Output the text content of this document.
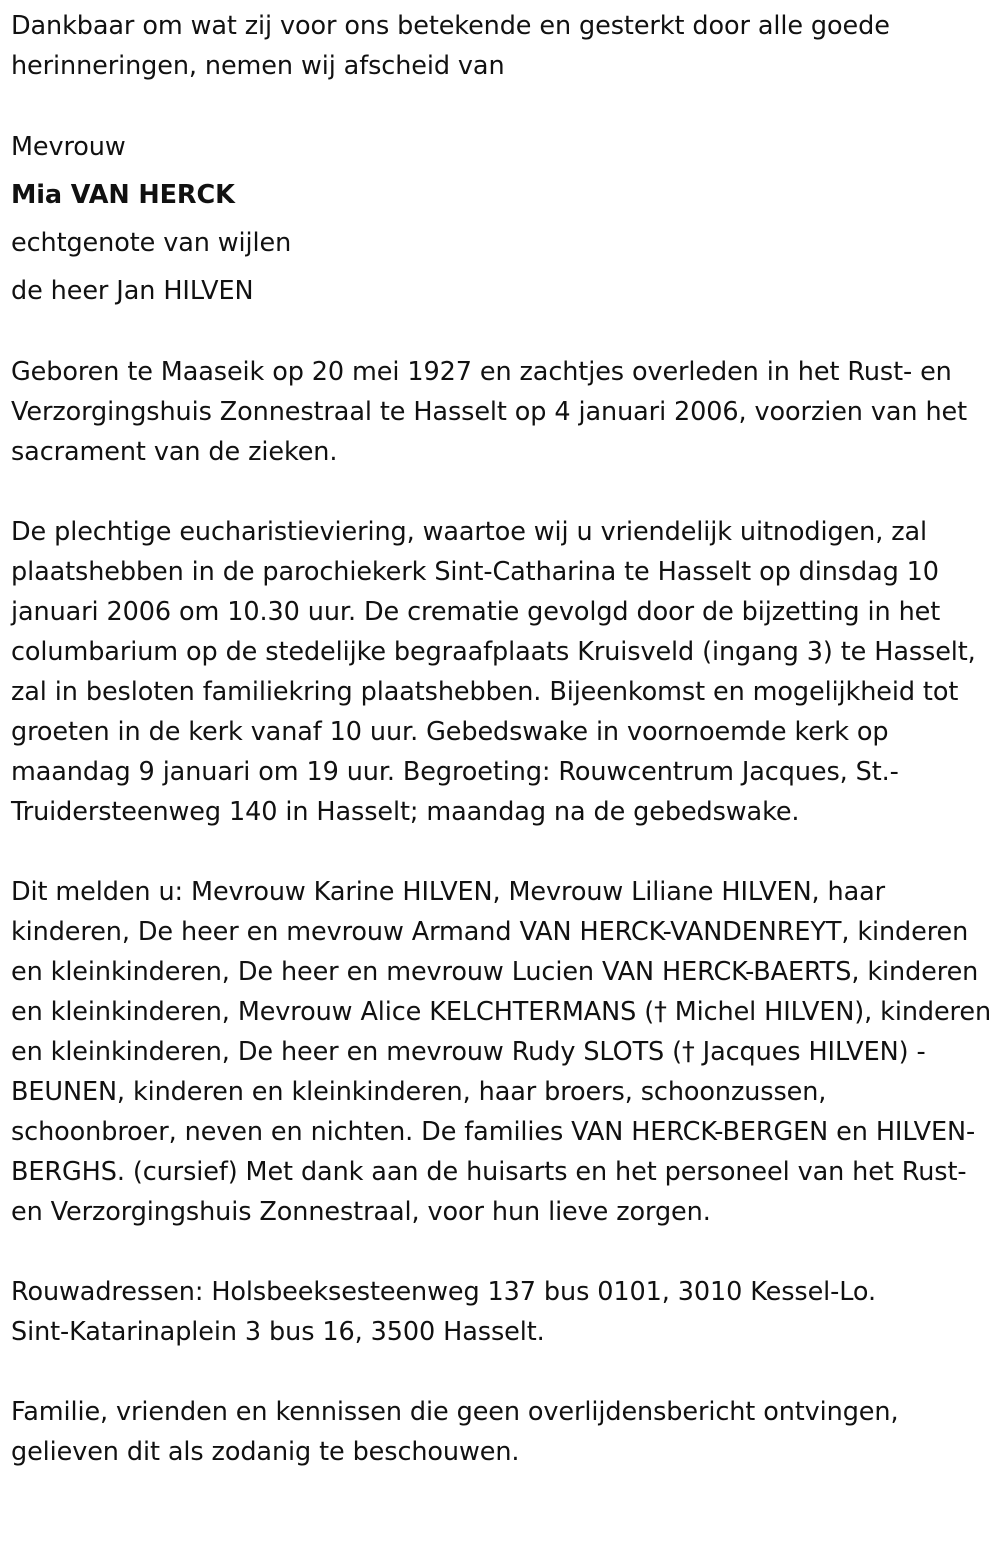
Dankbaar om wat zij voor ons betekende en gesterkt door alle goede herinneringen, nemen wij afscheid van

Mevrouw
Mia VAN HERCK
echtgenote van wijlen
de heer Jan HILVEN

Geboren te Maaseik op 20 mei 1927 en zachtjes overleden in het Rust- en Verzorgingshuis Zonnestraal te Hasselt op 4 januari 2006, voorzien van het sacrament van de zieken.

De plechtige eucharistieviering, waartoe wij u vriendelijk uitnodigen, zal plaatshebben in de parochiekerk Sint-Catharina te Hasselt op dinsdag 10 januari 2006 om 10.30 uur. De crematie gevolgd door de bijzetting in het columbarium op de stedelijke begraafplaats Kruisveld (ingang 3) te Hasselt, zal in besloten familiekring plaatshebben. Bijeenkomst en mogelijkheid tot groeten in de kerk vanaf 10 uur. Gebedswake in voornoemde kerk op maandag 9 januari om 19 uur. Begroeting: Rouwcentrum Jacques, St.-Truidersteenweg 140 in Hasselt; maandag na de gebedswake.

Dit melden u: Mevrouw Karine HILVEN, Mevrouw Liliane HILVEN, haar kinderen, De heer en mevrouw Armand VAN HERCK-VANDENREYT, kinderen en kleinkinderen, De heer en mevrouw Lucien VAN HERCK-BAERTS, kinderen en kleinkinderen, Mevrouw Alice KELCHTERMANS († Michel HILVEN), kinderen en kleinkinderen, De heer en mevrouw Rudy SLOTS († Jacques HILVEN) - BEUNEN, kinderen en kleinkinderen, haar broers, schoonzussen, schoonbroer, neven en nichten. De families VAN HERCK-BERGEN en HILVEN-BERGHS. (cursief) Met dank aan de huisarts en het personeel van het Rust- en Verzorgingshuis Zonnestraal, voor hun lieve zorgen.

Rouwadressen: Holsbeeksesteenweg 137 bus 0101, 3010 Kessel-Lo.

Sint-Katarinaplein 3 bus 16, 3500 Hasselt.

Familie, vrienden en kennissen die geen overlijdensbericht ontvingen, gelieven dit als zodanig te beschouwen.
